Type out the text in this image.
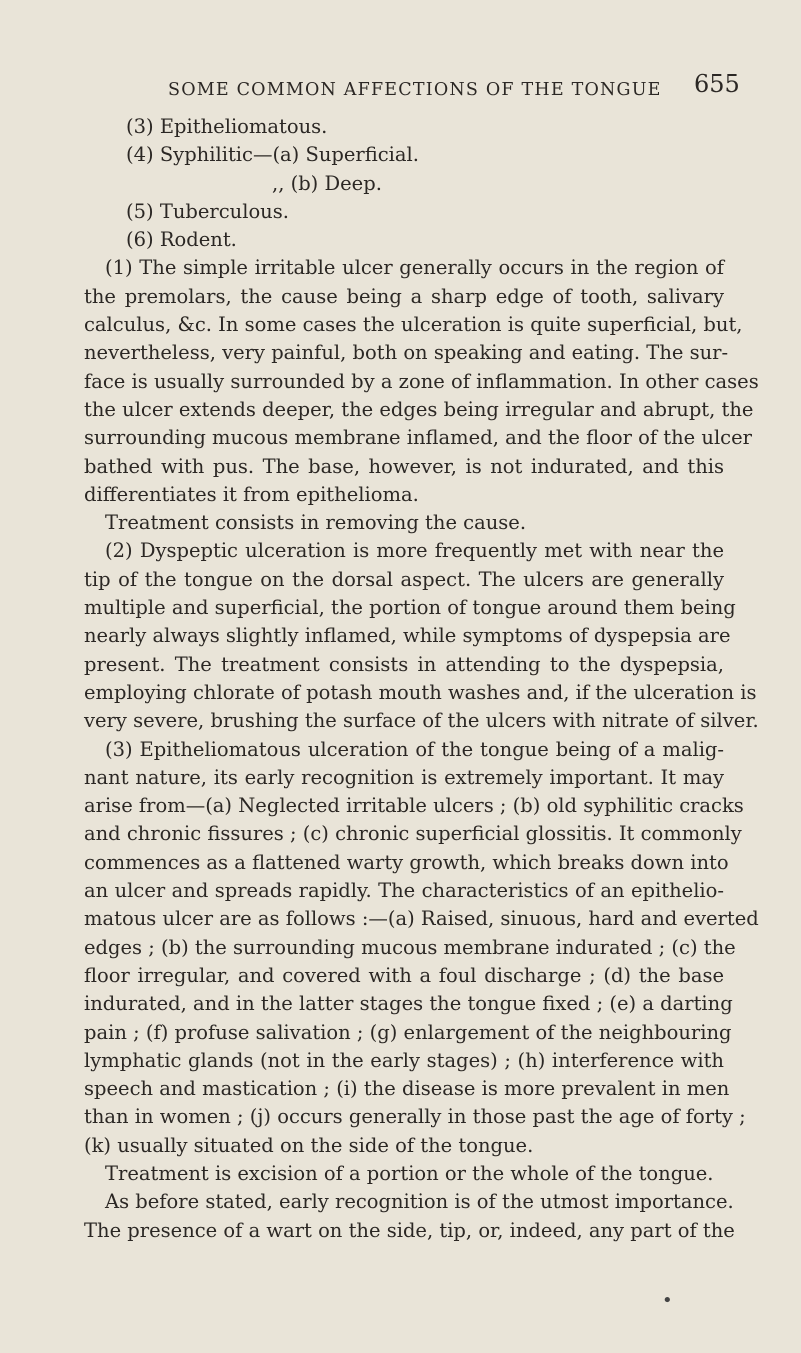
SOME COMMON AFFECTIONS OF THE TONGUE 655
(3) Epitheliomatous.
(4) Syphilitic—(a) Superficial.
,, (b) Deep.
(5) Tuberculous.
(6) Rodent.
(1) The simple irritable ulcer generally occurs in the region of
the premolars, the cause being a sharp edge of tooth, salivary
calculus, &c. In some cases the ulceration is quite superficial, but,
nevertheless, very painful, both on speaking and eating. The sur-
face is usually surrounded by a zone of inflammation. In other cases
the ulcer extends deeper, the edges being irregular and abrupt, the
surrounding mucous membrane inflamed, and the floor of the ulcer
bathed with pus. The base, however, is not indurated, and this
differentiates it from epithelioma.
Treatment consists in removing the cause.
(2) Dyspeptic ulceration is more frequently met with near the
tip of the tongue on the dorsal aspect. The ulcers are generally
multiple and superficial, the portion of tongue around them being
nearly always slightly inflamed, while symptoms of dyspepsia are
present. The treatment consists in attending to the dyspepsia,
employing chlorate of potash mouth washes and, if the ulceration is
very severe, brushing the surface of the ulcers with nitrate of silver.
(3) Epitheliomatous ulceration of the tongue being of a malig-
nant nature, its early recognition is extremely important. It may
arise from—(a) Neglected irritable ulcers ; (b) old syphilitic cracks
and chronic fissures ; (c) chronic superficial glossitis. It commonly
commences as a flattened warty growth, which breaks down into
an ulcer and spreads rapidly. The characteristics of an epithelio-
matous ulcer are as follows :—(a) Raised, sinuous, hard and everted
edges ; (b) the surrounding mucous membrane indurated ; (c) the
floor irregular, and covered with a foul discharge ; (d) the base
indurated, and in the latter stages the tongue fixed ; (e) a darting
pain ; (f) profuse salivation ; (g) enlargement of the neighbouring
lymphatic glands (not in the early stages) ; (h) interference with
speech and mastication ; (i) the disease is more prevalent in men
than in women ; (j) occurs generally in those past the age of forty ;
(k) usually situated on the side of the tongue.
Treatment is excision of a portion or the whole of the tongue.
As before stated, early recognition is of the utmost importance.
The presence of a wart on the side, tip, or, indeed, any part of the
•
